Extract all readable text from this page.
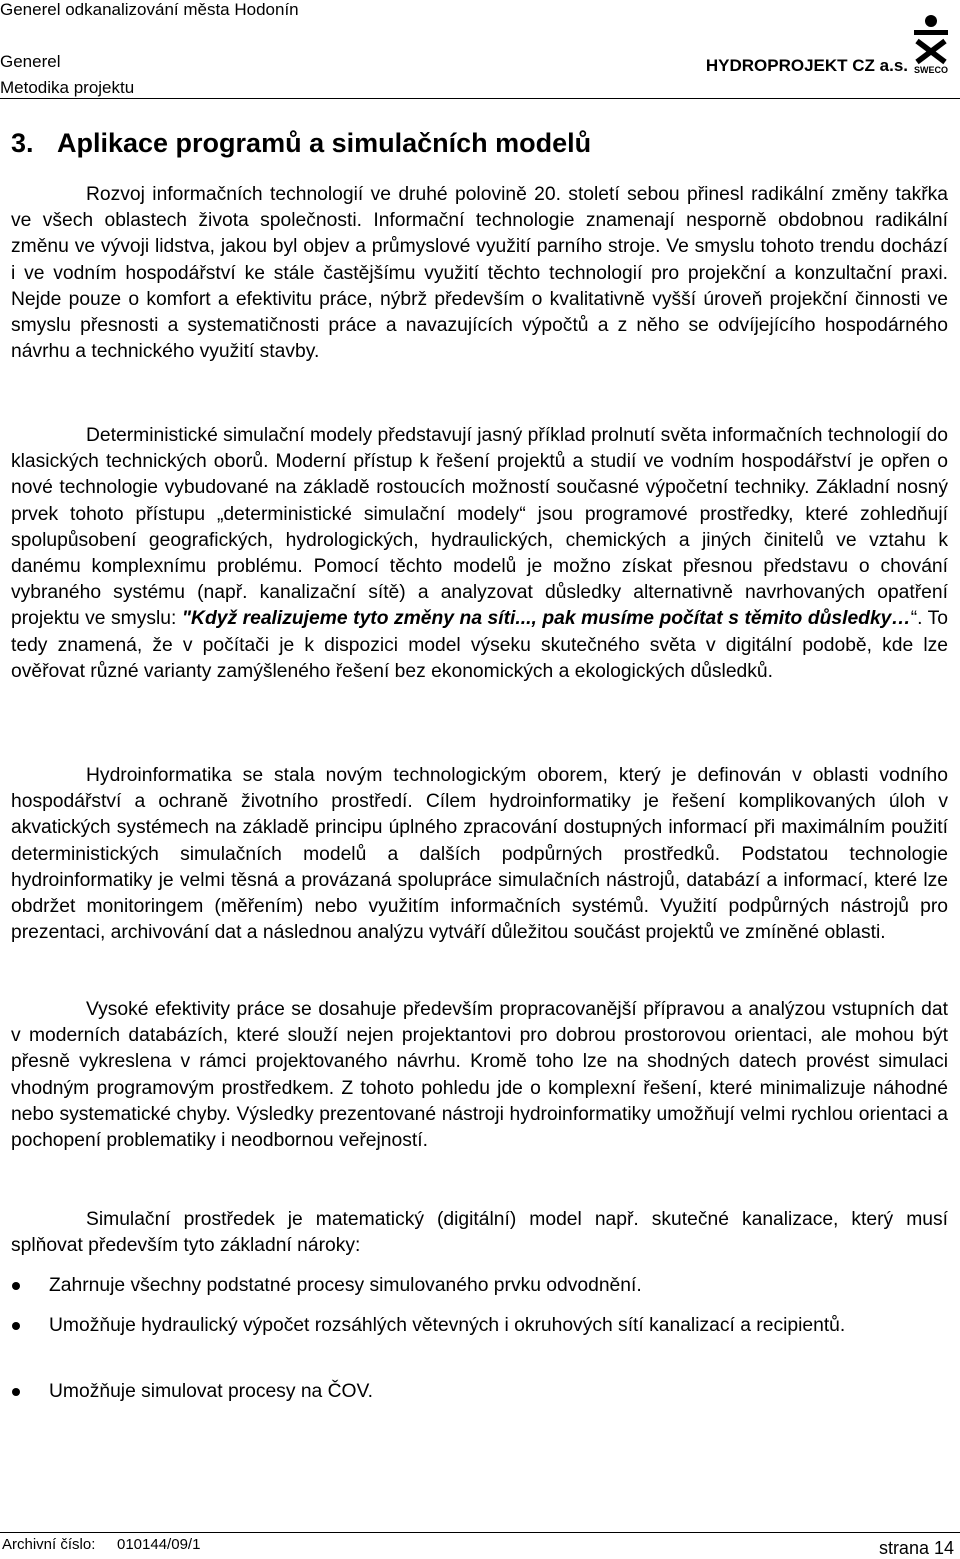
Generel odkanalizování města Hodonín
Generel
Metodika projektu
HYDROPROJEKT CZ a.s. SWECO
3. Aplikace programů a simulačních modelů

Rozvoj informačních technologií ve druhé polovině 20. století sebou přinesl radikální změny takřka ve všech oblastech života společnosti. Informační technologie znamenají nesporně obdobnou radikální změnu ve vývoji lidstva, jakou byl objev a průmyslové využití parního stroje. Ve smyslu tohoto trendu dochází i ve vodním hospodářství ke stále častějšímu využití těchto technologií pro projekční a konzultační praxi. Nejde pouze o komfort a efektivitu práce, nýbrž především o kvalitativně vyšší úroveň projekční činnosti ve smyslu přesnosti a systematičnosti práce a navazujících výpočtů a z něho se odvíjejícího hospodárného návrhu a technického využití stavby.

Deterministické simulační modely představují jasný příklad prolnutí světa informačních technologií do klasických technických oborů. Moderní přístup k řešení projektů a studií ve vodním hospodářství je opřen o nové technologie vybudované na základě rostoucích možností současné výpočetní techniky. Základní nosný prvek tohoto přístupu „deterministické simulační modely“ jsou programové prostředky, které zohledňují spolupůsobení geografických, hydrologických, hydraulických, chemických a jiných činitelů ve vztahu k danému komplexnímu problému. Pomocí těchto modelů je možno získat přesnou představu o chování vybraného systému (např. kanalizační sítě) a analyzovat důsledky alternativně navrhovaných opatření projektu ve smyslu: "Když realizujeme tyto změny na síti..., pak musíme počítat s těmito důsledky…“. To tedy znamená, že v počítači je k dispozici model výseku skutečného světa v digitální podobě, kde lze ověřovat různé varianty zamýšleného řešení bez ekonomických a ekologických důsledků.

Hydroinformatika se stala novým technologickým oborem, který je definován v oblasti vodního hospodářství a ochraně životního prostředí. Cílem hydroinformatiky je řešení komplikovaných úloh v akvatických systémech na základě principu úplného zpracování dostupných informací při maximálním použití deterministických simulačních modelů a dalších podpůrných prostředků. Podstatou technologie hydroinformatiky je velmi těsná a provázaná spolupráce simulačních nástrojů, databází a informací, které lze obdržet monitoringem (měřením) nebo využitím informačních systémů. Využití podpůrných nástrojů pro prezentaci, archivování dat a následnou analýzu vytváří důležitou součást projektů ve zmíněné oblasti.

Vysoké efektivity práce se dosahuje především propracovanější přípravou a analýzou vstupních dat v moderních databázích, které slouží nejen projektantovi pro dobrou prostorovou orientaci, ale mohou být přesně vykreslena v rámci projektovaného návrhu. Kromě toho lze na shodných datech provést simulaci vhodným programovým prostředkem. Z tohoto pohledu jde o komplexní řešení, které minimalizuje náhodné nebo systematické chyby. Výsledky prezentované nástroji hydroinformatiky umožňují velmi rychlou orientaci a pochopení problematiky i neodbornou veřejností.

Simulační prostředek je matematický (digitální) model např. skutečné kanalizace, který musí splňovat především tyto základní nároky:

Zahrnuje všechny podstatné procesy simulovaného prvku odvodnění.

Umožňuje hydraulický výpočet rozsáhlých větevných i okruhových sítí kanalizací a recipientů.

Umožňuje simulovat procesy na ČOV.

Archivní číslo: 010144/09/1	strana 14
